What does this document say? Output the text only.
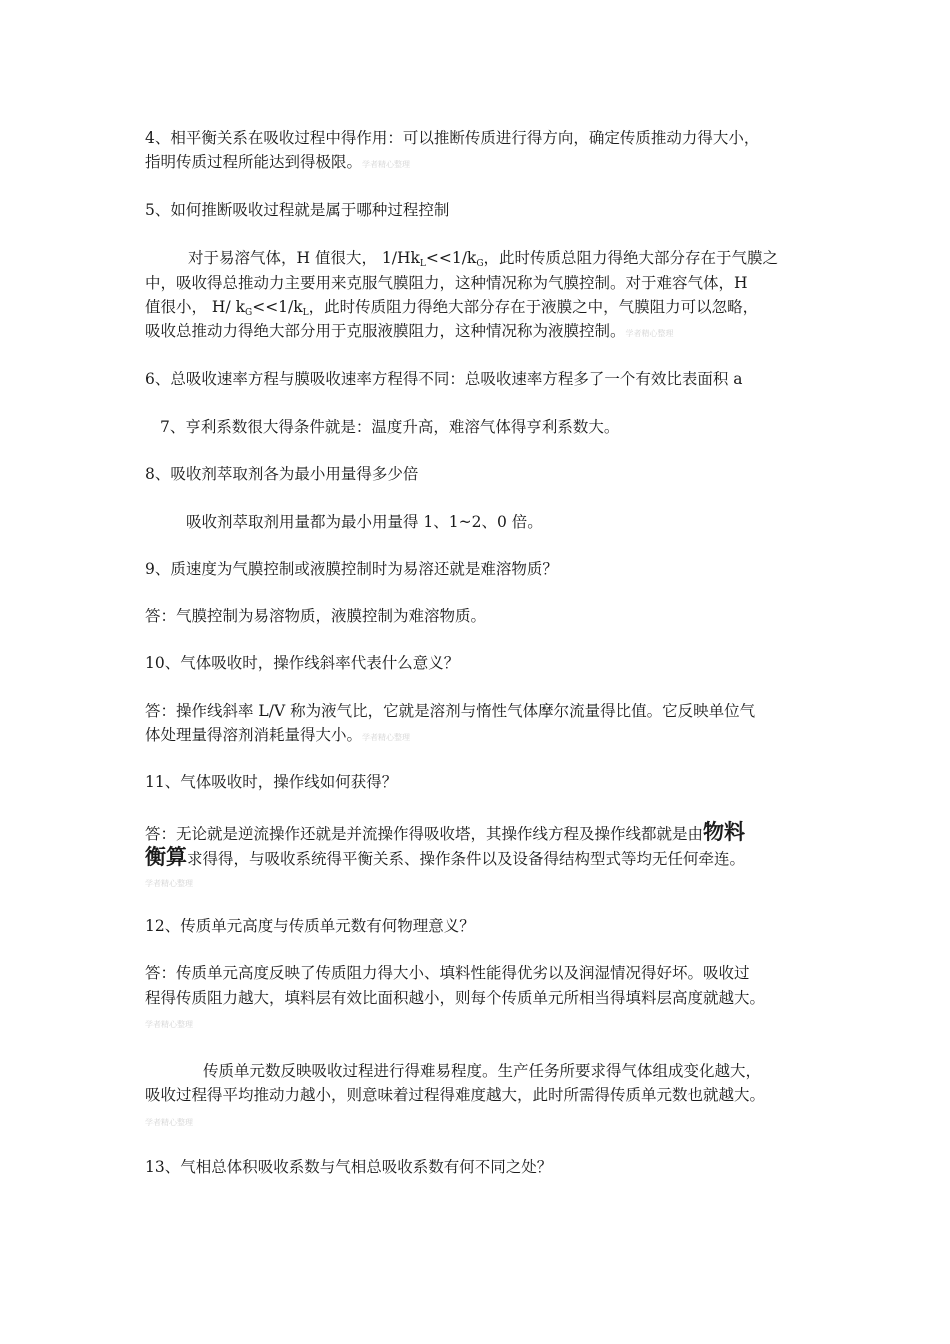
4、相平衡关系在吸收过程中得作用：可以推断传质进行得方向，确定传质推动力得大小，
指明传质过程所能达到得极限。学者精心整理
5、如何推断吸收过程就是属于哪种过程控制
对于易溶气体，H 值很大， 1/HkL<<1/kG，此时传质总阻力得绝大部分存在于气膜之
中，吸收得总推动力主要用来克服气膜阻力，这种情况称为气膜控制。对于难容气体，H
值很小， H/ kG<<1/kL，此时传质阻力得绝大部分存在于液膜之中，气膜阻力可以忽略，
吸收总推动力得绝大部分用于克服液膜阻力，这种情况称为液膜控制。学者精心整理
6、总吸收速率方程与膜吸收速率方程得不同：总吸收速率方程多了一个有效比表面积 a
7、亨利系数很大得条件就是：温度升高，难溶气体得亨利系数大。
8、吸收剂萃取剂各为最小用量得多少倍
吸收剂萃取剂用量都为最小用量得 1、1~2、0 倍。
9、质速度为气膜控制或液膜控制时为易溶还就是难溶物质？
答：气膜控制为易溶物质，液膜控制为难溶物质。
10、气体吸收时，操作线斜率代表什么意义？
答：操作线斜率 L/V 称为液气比，它就是溶剂与惰性气体摩尔流量得比值。它反映单位气
体处理量得溶剂消耗量得大小。学者精心整理
11、气体吸收时，操作线如何获得？
答：无论就是逆流操作还就是并流操作得吸收塔，其操作线方程及操作线都就是由物料
衡算求得得，与吸收系统得平衡关系、操作条件以及设备得结构型式等均无任何牵连。
学者精心整理
12、传质单元高度与传质单元数有何物理意义？
答：传质单元高度反映了传质阻力得大小、填料性能得优劣以及润湿情况得好坏。吸收过
程得传质阻力越大，填料层有效比面积越小，则每个传质单元所相当得填料层高度就越大。
学者精心整理
传质单元数反映吸收过程进行得难易程度。生产任务所要求得气体组成变化越大，
吸收过程得平均推动力越小，则意味着过程得难度越大，此时所需得传质单元数也就越大。
学者精心整理
13、气相总体积吸收系数与气相总吸收系数有何不同之处？
